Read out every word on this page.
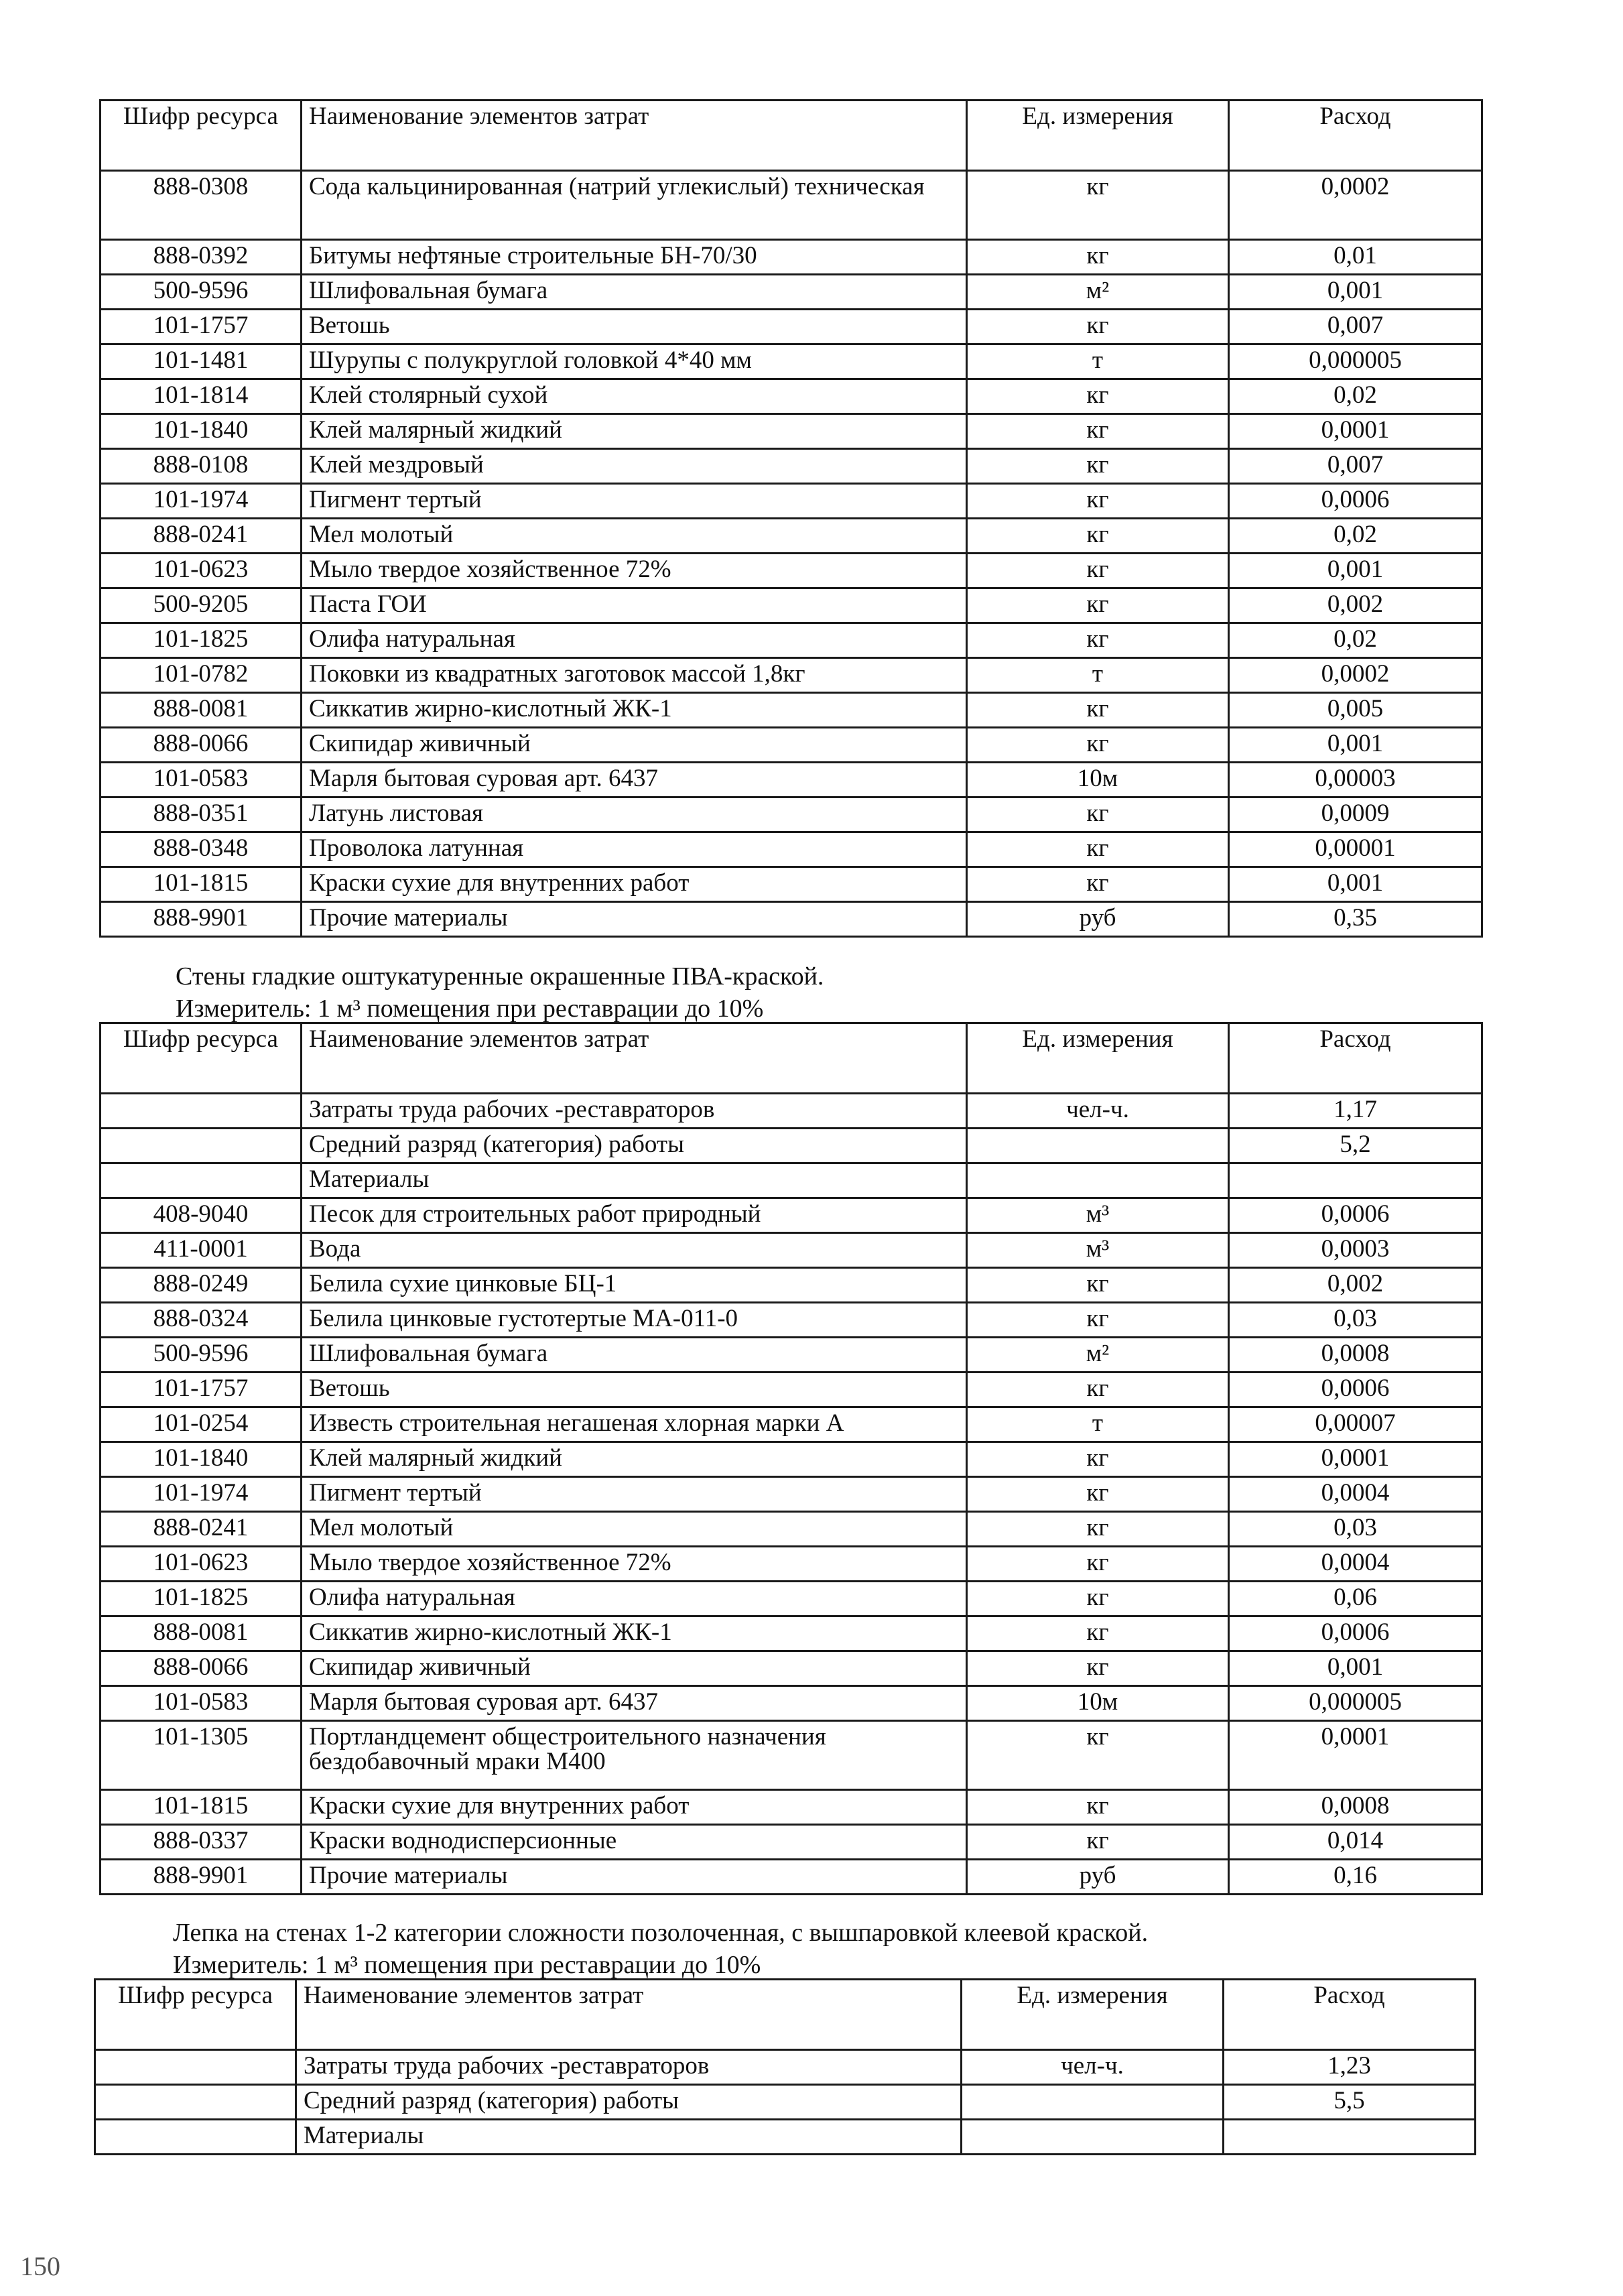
Шифр ресурса	Наименование элементов затрат	Ед. измерения	Расход
888-0308	Сода кальцинированная (натрий углекислый) техническая	кг	0,0002
888-0392	Битумы нефтяные строительные БН-70/30	кг	0,01
500-9596	Шлифовальная бумага	м²	0,001
101-1757	Ветошь	кг	0,007
101-1481	Шурупы с полукруглой головкой 4*40 мм	т	0,000005
101-1814	Клей столярный сухой	кг	0,02
101-1840	Клей малярный жидкий	кг	0,0001
888-0108	Клей мездровый	кг	0,007
101-1974	Пигмент тертый	кг	0,0006
888-0241	Мел молотый	кг	0,02
101-0623	Мыло твердое хозяйственное 72%	кг	0,001
500-9205	Паста ГОИ	кг	0,002
101-1825	Олифа натуральная	кг	0,02
101-0782	Поковки из квадратных заготовок массой 1,8кг	т	0,0002
888-0081	Сиккатив жирно-кислотный ЖК-1	кг	0,005
888-0066	Скипидар живичный	кг	0,001
101-0583	Марля бытовая суровая арт. 6437	10м	0,00003
888-0351	Латунь листовая	кг	0,0009
888-0348	Проволока латунная	кг	0,00001
101-1815	Краски сухие для внутренних работ	кг	0,001
888-9901	Прочие материалы	руб	0,35
Стены гладкие оштукатуренные окрашенные ПВА-краской.
Измеритель: 1 м³ помещения при реставрации до 10%
Шифр ресурса	Наименование элементов затрат	Ед. измерения	Расход
	Затраты труда рабочих -реставраторов	чел-ч.	1,17
	Средний разряд (категория) работы		5,2
	Материалы		
408-9040	Песок для строительных работ природный	м³	0,0006
411-0001	Вода	м³	0,0003
888-0249	Белила сухие цинковые БЦ-1	кг	0,002
888-0324	Белила цинковые густотертые МА-011-0	кг	0,03
500-9596	Шлифовальная бумага	м²	0,0008
101-1757	Ветошь	кг	0,0006
101-0254	Известь строительная негашеная хлорная марки А	т	0,00007
101-1840	Клей малярный жидкий	кг	0,0001
101-1974	Пигмент тертый	кг	0,0004
888-0241	Мел молотый	кг	0,03
101-0623	Мыло твердое хозяйственное 72%	кг	0,0004
101-1825	Олифа натуральная	кг	0,06
888-0081	Сиккатив жирно-кислотный ЖК-1	кг	0,0006
888-0066	Скипидар живичный	кг	0,001
101-0583	Марля бытовая суровая арт. 6437	10м	0,000005
101-1305	Портландцемент общестроительного назначения бездобавочный мраки М400	кг	0,0001
101-1815	Краски сухие для внутренних работ	кг	0,0008
888-0337	Краски воднодисперсионные	кг	0,014
888-9901	Прочие материалы	руб	0,16
Лепка на стенах 1-2 категории сложности позолоченная, с вышпаровкой клеевой краской.
Измеритель: 1 м³ помещения при реставрации до 10%
Шифр ресурса	Наименование элементов затрат	Ед. измерения	Расход
	Затраты труда рабочих -реставраторов	чел-ч.	1,23
	Средний разряд (категория) работы		5,5
	Материалы		
150
